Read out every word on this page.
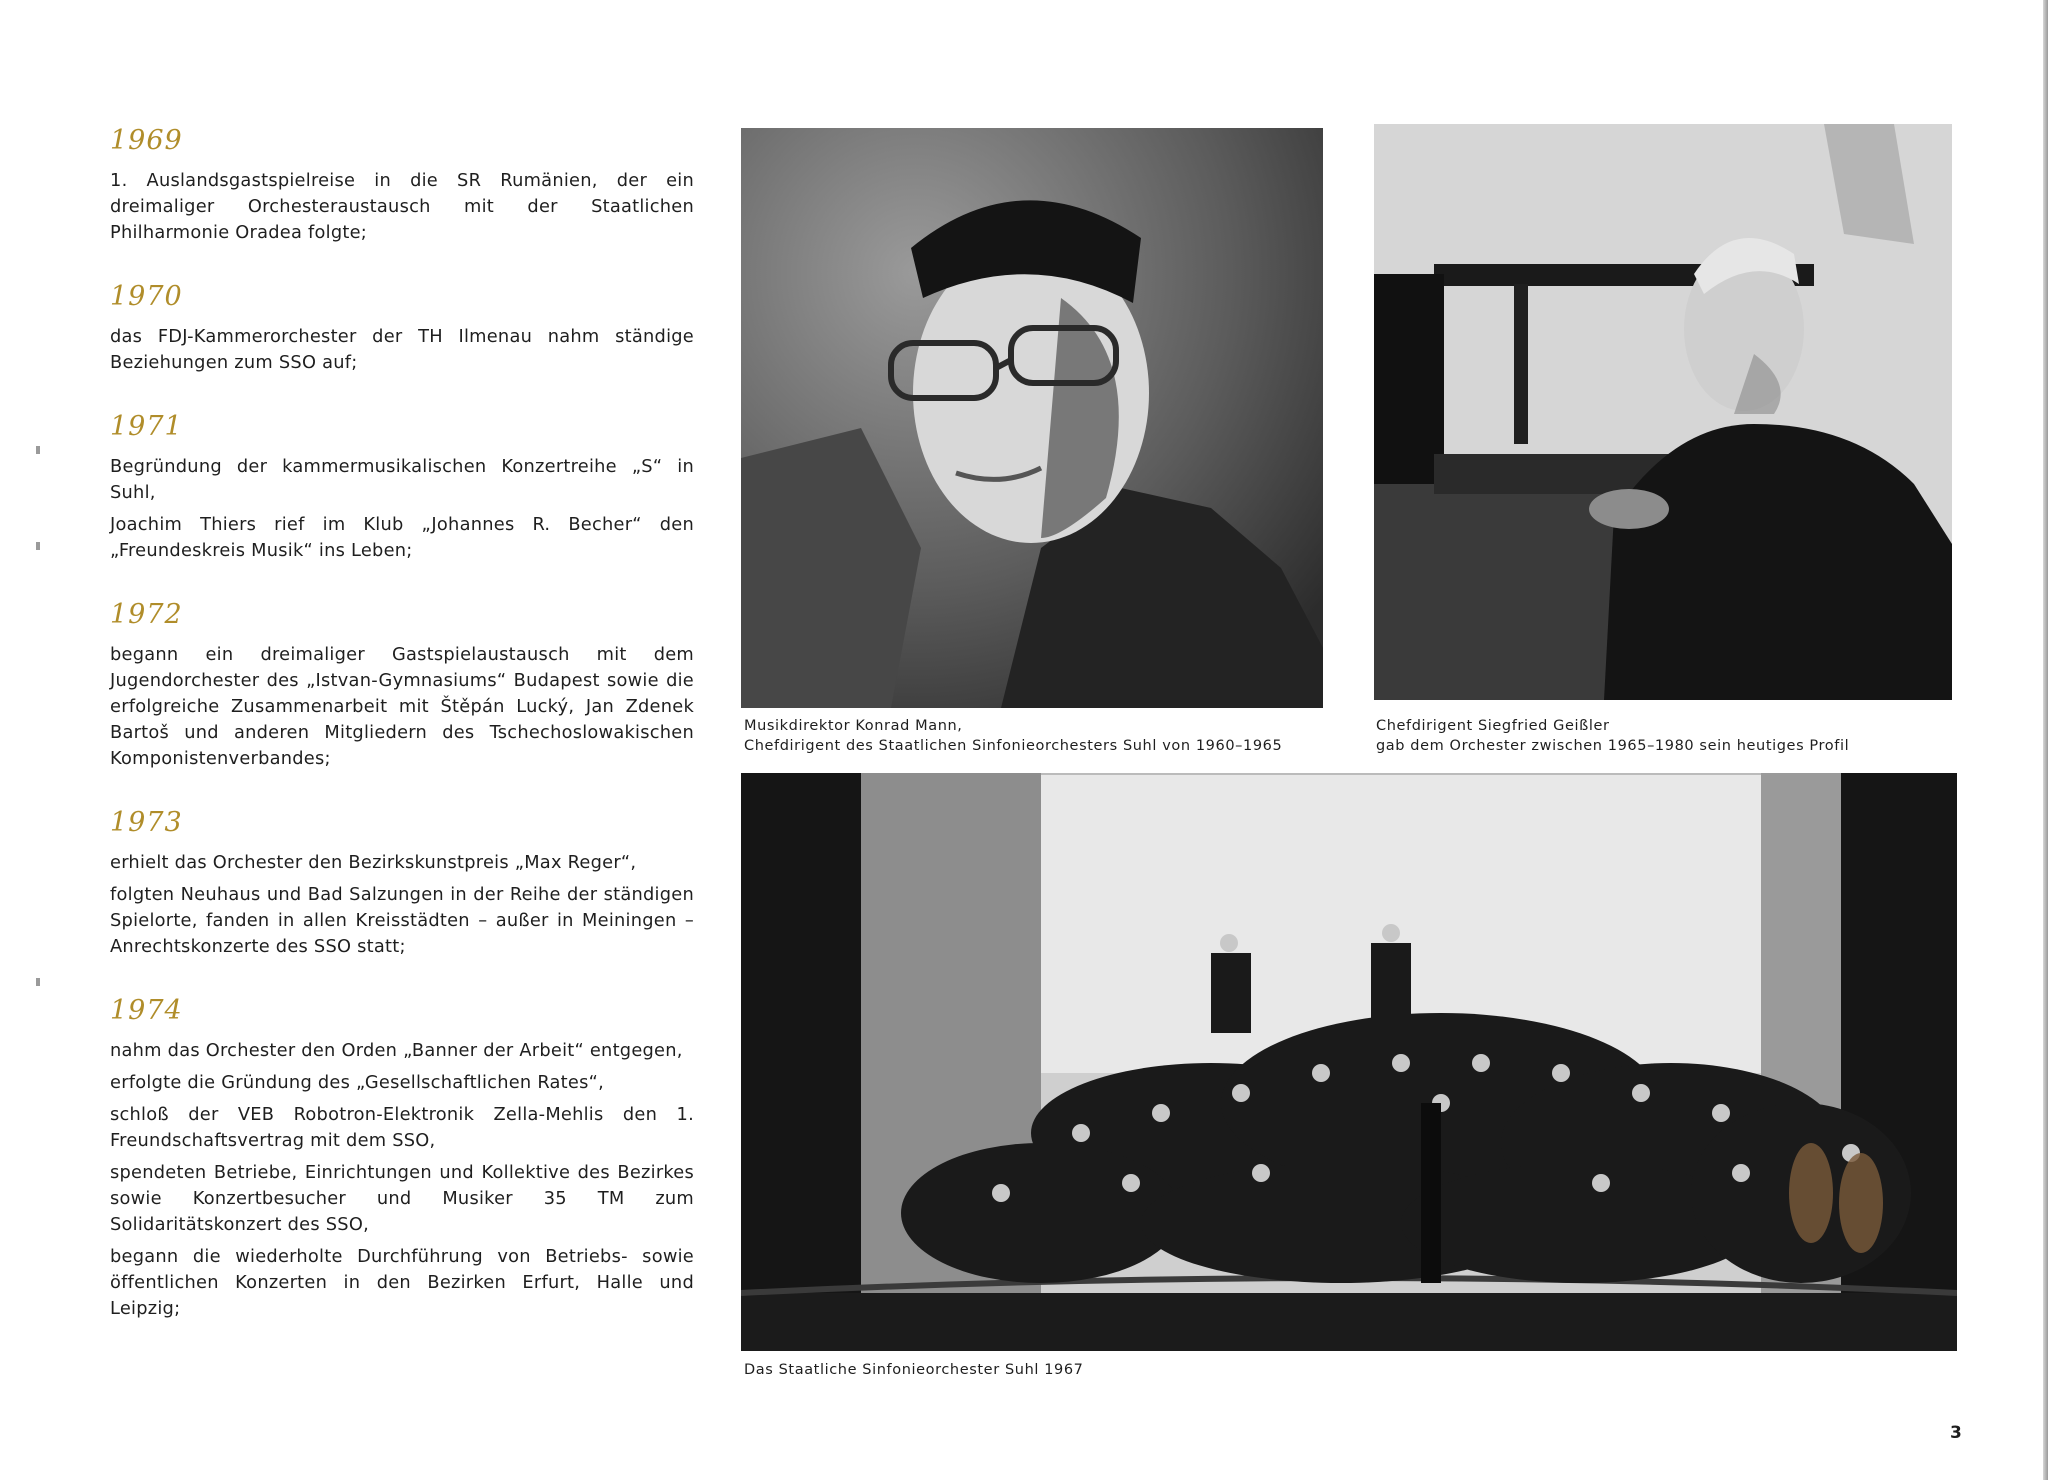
1969

1. Auslandsgastspielreise in die SR Rumänien, der ein dreimaliger Orchesteraustausch mit der Staatlichen Philharmonie Oradea folgte;

1970

das FDJ-Kammerorchester der TH Ilmenau nahm ständige Beziehungen zum SSO auf;

1971

Begründung der kammermusikalischen Konzertreihe „S“ in Suhl,

Joachim Thiers rief im Klub „Johannes R. Becher“ den „Freundeskreis Musik“ ins Leben;

1972

begann ein dreimaliger Gastspielaustausch mit dem Jugendorchester des „Istvan-Gymnasiums“ Budapest sowie die erfolgreiche Zusammenarbeit mit Štěpán Lucký, Jan Zdenek Bartoš und anderen Mitgliedern des Tschechoslowakischen Komponistenverbandes;

1973

erhielt das Orchester den Bezirkskunstpreis „Max Reger“,

folgten Neuhaus und Bad Salzungen in der Reihe der ständigen Spielorte, fanden in allen Kreisstädten – außer in Meiningen – Anrechtskonzerte des SSO statt;

1974

nahm das Orchester den Orden „Banner der Arbeit“ entgegen,

erfolgte die Gründung des „Gesellschaftlichen Rates“,

schloß der VEB Robotron-Elektronik Zella-Mehlis den 1. Freundschaftsvertrag mit dem SSO,

spendeten Betriebe, Einrichtungen und Kollektive des Bezirkes sowie Konzertbesucher und Musiker 35 TM zum Solidaritätskonzert des SSO,

begann die wiederholte Durchführung von Betriebs- sowie öffentlichen Konzerten in den Bezirken Erfurt, Halle und Leipzig;

Musikdirektor Konrad Mann,
Chefdirigent des Staatlichen Sinfonieorchesters Suhl von 1960–1965
Chefdirigent Siegfried Geißler
gab dem Orchester zwischen 1965–1980 sein heutiges Profil
Das Staatliche Sinfonieorchester Suhl 1967
3
